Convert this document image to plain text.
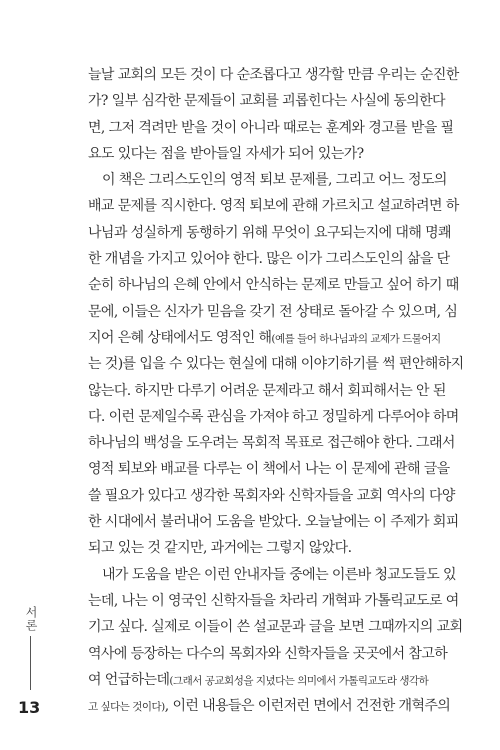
늘날 교회의 모든 것이 다 순조롭다고 생각할 만큼 우리는 순진한
가? 일부 심각한 문제들이 교회를 괴롭힌다는 사실에 동의한다
면, 그저 격려만 받을 것이 아니라 때로는 훈계와 경고를 받을 필
요도 있다는 점을 받아들일 자세가 되어 있는가?
이 책은 그리스도인의 영적 퇴보 문제를, 그리고 어느 정도의
배교 문제를 직시한다. 영적 퇴보에 관해 가르치고 설교하려면 하
나님과 성실하게 동행하기 위해 무엇이 요구되는지에 대해 명쾌
한 개념을 가지고 있어야 한다. 많은 이가 그리스도인의 삶을 단
순히 하나님의 은혜 안에서 안식하는 문제로 만들고 싶어 하기 때
문에, 이들은 신자가 믿음을 갖기 전 상태로 돌아갈 수 있으며, 심
지어 은혜 상태에서도 영적인 해(예를 들어 하나님과의 교제가 드물어지
는 것)를 입을 수 있다는 현실에 대해 이야기하기를 썩 편안해하지
않는다. 하지만 다루기 어려운 문제라고 해서 회피해서는 안 된
다. 이런 문제일수록 관심을 가져야 하고 정밀하게 다루어야 하며
하나님의 백성을 도우려는 목회적 목표로 접근해야 한다. 그래서
영적 퇴보와 배교를 다루는 이 책에서 나는 이 문제에 관해 글을
쓸 필요가 있다고 생각한 목회자와 신학자들을 교회 역사의 다양
한 시대에서 불러내어 도움을 받았다. 오늘날에는 이 주제가 회피
되고 있는 것 같지만, 과거에는 그렇지 않았다.
내가 도움을 받은 이런 안내자들 중에는 이른바 청교도들도 있
는데, 나는 이 영국인 신학자들을 차라리 개혁파 가톨릭교도로 여
기고 싶다. 실제로 이들이 쓴 설교문과 글을 보면 그때까지의 교회
역사에 등장하는 다수의 목회자와 신학자들을 곳곳에서 참고하
여 언급하는데(그래서 공교회성을 지녔다는 의미에서 가톨릭교도라 생각하
고 싶다는 것이다), 이런 내용들은 이런저런 면에서 건전한 개혁주의
서론
13
